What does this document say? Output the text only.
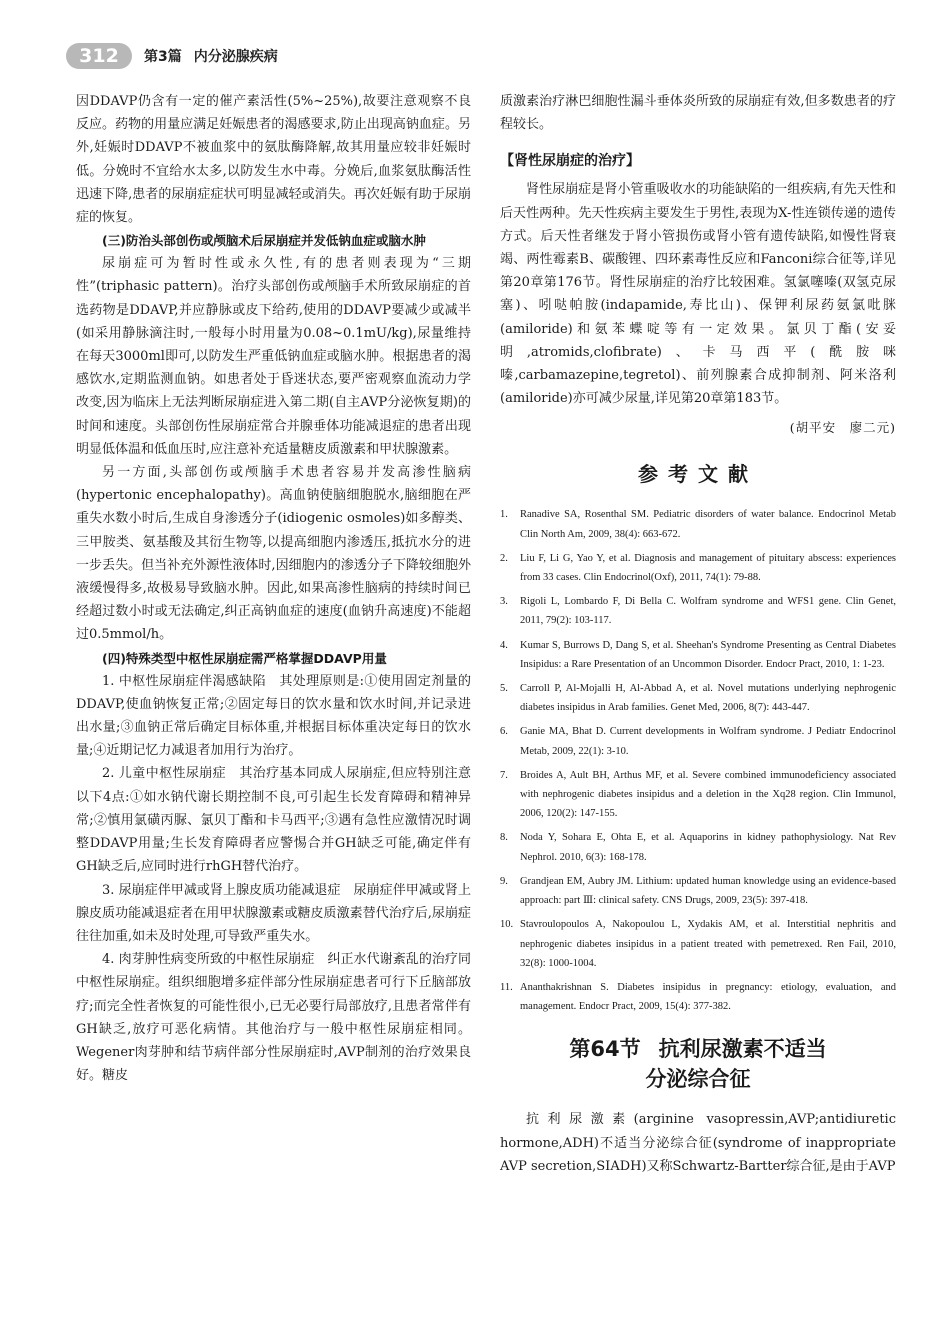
312	第3篇 内分泌腺疾病

因DDAVP仍含有一定的催产素活性(5%~25%),故要注意观察不良反应。药物的用量应满足妊娠患者的渴感要求,防止出现高钠血症。另外,妊娠时DDAVP不被血浆中的氨肽酶降解,故其用量应较非妊娠时低。分娩时不宜给水太多,以防发生水中毒。分娩后,血浆氨肽酶活性迅速下降,患者的尿崩症症状可明显减轻或消失。再次妊娠有助于尿崩症的恢复。

(三)防治头部创伤或颅脑术后尿崩症并发低钠血症或脑水肿

尿崩症可为暂时性或永久性,有的患者则表现为“三期性”(triphasic pattern)。治疗头部创伤或颅脑手术所致尿崩症的首选药物是DDAVP,并应静脉或皮下给药,使用的DDAVP要减少或减半(如采用静脉滴注时,一般每小时用量为0.08~0.1mU/kg),尿量维持在每天3000ml即可,以防发生严重低钠血症或脑水肿。根据患者的渴感饮水,定期监测血钠。如患者处于昏迷状态,要严密观察血流动力学改变,因为临床上无法判断尿崩症进入第二期(自主AVP分泌恢复期)的时间和速度。头部创伤性尿崩症常合并腺垂体功能减退症的患者出现明显低体温和低血压时,应注意补充适量糖皮质激素和甲状腺激素。

另一方面,头部创伤或颅脑手术患者容易并发高渗性脑病(hypertonic encephalopathy)。高血钠使脑细胞脱水,脑细胞在严重失水数小时后,生成自身渗透分子(idiogenic osmoles)如多醇类、三甲胺类、氨基酸及其衍生物等,以提高细胞内渗透压,抵抗水分的进一步丢失。但当补充外源性液体时,因细胞内的渗透分子下降较细胞外液缓慢得多,故极易导致脑水肿。因此,如果高渗性脑病的持续时间已经超过数小时或无法确定,纠正高钠血症的速度(血钠升高速度)不能超过0.5mmol/h。

(四)特殊类型中枢性尿崩症需严格掌握DDAVP用量

1. 中枢性尿崩症伴渴感缺陷　其处理原则是:①使用固定剂量的DDAVP,使血钠恢复正常;②固定每日的饮水量和饮水时间,并记录进出水量;③血钠正常后确定目标体重,并根据目标体重决定每日的饮水量;④近期记忆力减退者加用行为治疗。

2. 儿童中枢性尿崩症　其治疗基本同成人尿崩症,但应特别注意以下4点:①如水钠代谢长期控制不良,可引起生长发育障碍和精神异常;②慎用氯磺丙脲、氯贝丁酯和卡马西平;③遇有急性应激情况时调整DDAVP用量;生长发育障碍者应警惕合并GH缺乏可能,确定伴有GH缺乏后,应同时进行rhGH替代治疗。

3. 尿崩症伴甲减或肾上腺皮质功能减退症　尿崩症伴甲减或肾上腺皮质功能减退症者在用甲状腺激素或糖皮质激素替代治疗后,尿崩症往往加重,如未及时处理,可导致严重失水。

4. 肉芽肿性病变所致的中枢性尿崩症　纠正水代谢紊乱的治疗同中枢性尿崩症。组织细胞增多症伴部分性尿崩症患者可行下丘脑部放疗;而完全性者恢复的可能性很小,已无必要行局部放疗,且患者常伴有GH缺乏,放疗可恶化病情。其他治疗与一般中枢性尿崩症相同。Wegener肉芽肿和结节病伴部分性尿崩症时,AVP制剂的治疗效果良好。糖皮

质激素治疗淋巴细胞性漏斗垂体炎所致的尿崩症有效,但多数患者的疗程较长。

【肾性尿崩症的治疗】

肾性尿崩症是肾小管重吸收水的功能缺陷的一组疾病,有先天性和后天性两种。先天性疾病主要发生于男性,表现为X-性连锁传递的遗传方式。后天性者继发于肾小管损伤或肾小管有遗传缺陷,如慢性肾衰竭、两性霉素B、碳酸锂、四环素毒性反应和Fanconi综合征等,详见第20章第176节。肾性尿崩症的治疗比较困难。氢氯噻嗪(双氢克尿塞)、吲哒帕胺(indapamide,寿比山)、保钾利尿药氨氯吡脒(amiloride)和氨苯蝶啶等有一定效果。氯贝丁酯(安妥明,atromids,clofibrate)、卡马西平(酰胺咪嗪,carbamazepine,tegretol)、前列腺素合成抑制剂、阿米洛利(amiloride)亦可减少尿量,详见第20章第183节。

(胡平安　廖二元)
参考文献
1. Ranadive SA, Rosenthal SM. Pediatric disorders of water balance. Endocrinol Metab Clin North Am, 2009, 38(4): 663-672.
2. Liu F, Li G, Yao Y, et al. Diagnosis and management of pituitary abscess: experiences from 33 cases. Clin Endocrinol(Oxf), 2011, 74(1): 79-88.
3. Rigoli L, Lombardo F, Di Bella C. Wolfram syndrome and WFS1 gene. Clin Genet, 2011, 79(2): 103-117.
4. Kumar S, Burrows D, Dang S, et al. Sheehan's Syndrome Presenting as Central Diabetes Insipidus: a Rare Presentation of an Uncommon Disorder. Endocr Pract, 2010, 1: 1-23.
5. Carroll P, Al-Mojalli H, Al-Abbad A, et al. Novel mutations underlying nephrogenic diabetes insipidus in Arab families. Genet Med, 2006, 8(7): 443-447.
6. Ganie MA, Bhat D. Current developments in Wolfram syndrome. J Pediatr Endocrinol Metab, 2009, 22(1): 3-10.
7. Broides A, Ault BH, Arthus MF, et al. Severe combined immunodeficiency associated with nephrogenic diabetes insipidus and a deletion in the Xq28 region. Clin Immunol, 2006, 120(2): 147-155.
8. Noda Y, Sohara E, Ohta E, et al. Aquaporins in kidney pathophysiology. Nat Rev Nephrol. 2010, 6(3): 168-178.
9. Grandjean EM, Aubry JM. Lithium: updated human knowledge using an evidence-based approach: part Ⅲ: clinical safety. CNS Drugs, 2009, 23(5): 397-418.
10. Stavroulopoulos A, Nakopoulou L, Xydakis AM, et al. Interstitial nephritis and nephrogenic diabetes insipidus in a patient treated with pemetrexed. Ren Fail, 2010, 32(8): 1000-1004.
11. Ananthakrishnan S. Diabetes insipidus in pregnancy: etiology, evaluation, and management. Endocr Pract, 2009, 15(4): 377-382.
第64节 抗利尿激素不适当
分泌综合征

抗利尿激素(arginine vasopressin,AVP;antidiuretic hormone,ADH)不适当分泌综合征(syndrome of inappropriate AVP secretion,SIADH)又称Schwartz-Bartter综合征,是由于AVP
